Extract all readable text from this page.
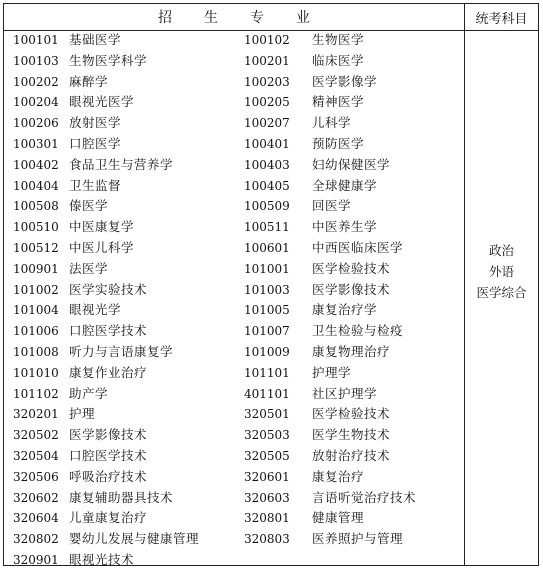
招 生 专 业	统考科目
100101 基础医学	100102 生物医学
100103 生物医学科学	100201 临床医学
100202 麻醉学	100203 医学影像学
100204 眼视光医学	100205 精神医学
100206 放射医学	100207 儿科学
100301 口腔医学	100401 预防医学
100402 食品卫生与营养学	100403 妇幼保健医学
100404 卫生监督	100405 全球健康学
100508 傣医学	100509 回医学
100510 中医康复学	100511 中医养生学
100512 中医儿科学	100601 中西医临床医学
100901 法医学	101001 医学检验技术
101002 医学实验技术	101003 医学影像技术
101004 眼视光学	101005 康复治疗学
101006 口腔医学技术	101007 卫生检验与检疫
101008 听力与言语康复学	101009 康复物理治疗
101010 康复作业治疗	101101 护理学
101102 助产学	401101 社区护理学
320201 护理	320501 医学检验技术
320502 医学影像技术	320503 医学生物技术
320504 口腔医学技术	320505 放射治疗技术
320506 呼吸治疗技术	320601 康复治疗
320602 康复辅助器具技术	320603 言语听觉治疗技术
320604 儿童康复治疗	320801 健康管理
320802 婴幼儿发展与健康管理	320803 医养照护与管理
320901 眼视光技术
政治
外语
医学综合
